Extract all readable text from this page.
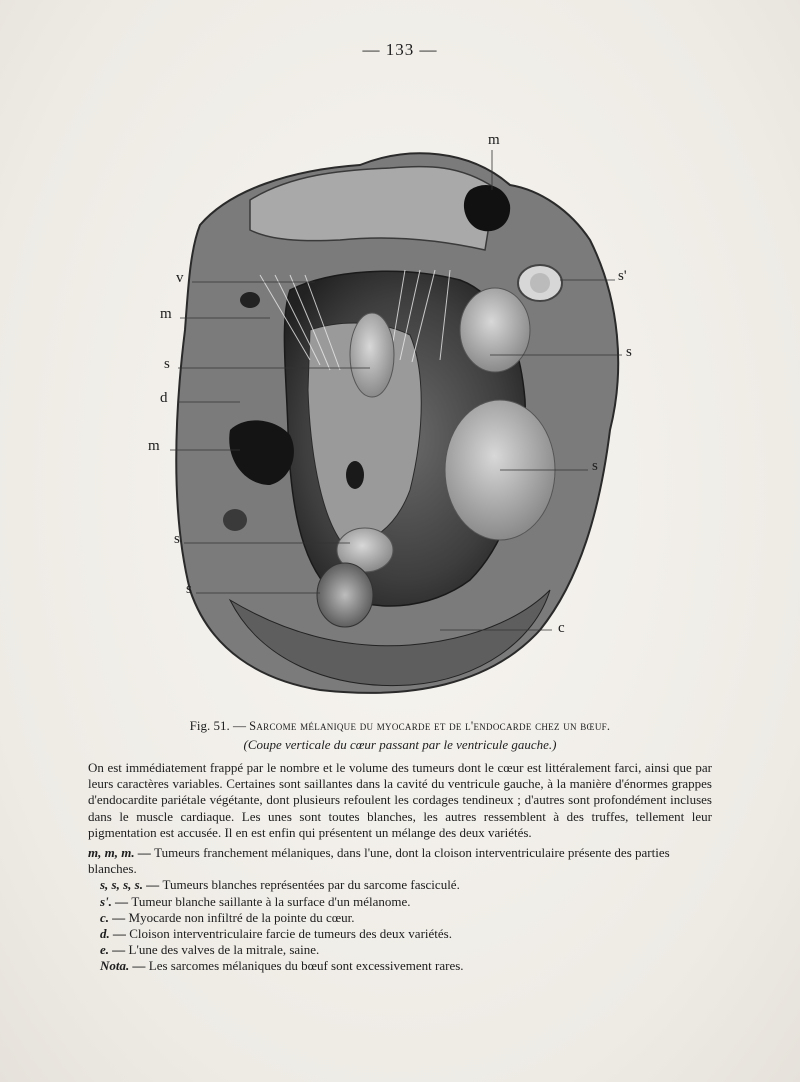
— 133 —
m
v
m
s
d
m
s
s
s'
s
s
c
Fig. 51. — Sarcome mélanique du myocarde et de l'endocarde chez un bœuf.
(Coupe verticale du cœur passant par le ventricule gauche.)

On est immédiatement frappé par le nombre et le volume des tumeurs dont le cœur est littéralement farci, ainsi que par leurs caractères variables. Certaines sont saillantes dans la cavité du ventricule gauche, à la manière d'énormes grappes d'endocardite pariétale végétante, dont plusieurs refoulent les cordages tendineux ; d'autres sont profondément incluses dans le muscle cardiaque. Les unes sont toutes blanches, les autres ressemblent à des truffes, tellement leur pigmentation est accusée. Il en est enfin qui présentent un mélange des deux variétés.

m, m, m. — Tumeurs franchement mélaniques, dans l'une, dont la cloison interventriculaire présente des parties blanches.
s, s, s, s. — Tumeurs blanches représentées par du sarcome fasciculé.
s'. — Tumeur blanche saillante à la surface d'un mélanome.
c. — Myocarde non infiltré de la pointe du cœur.
d. — Cloison interventriculaire farcie de tumeurs des deux variétés.
e. — L'une des valves de la mitrale, saine.
Nota. — Les sarcomes mélaniques du bœuf sont excessivement rares.
